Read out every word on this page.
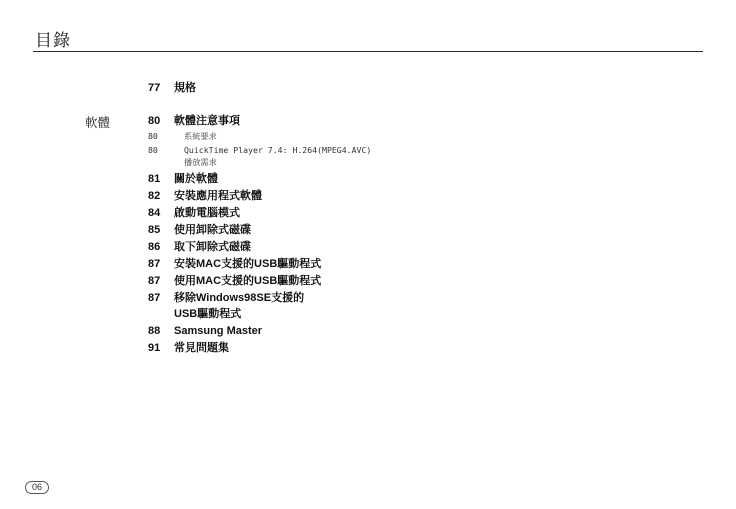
目錄
軟體
77 規格
80 軟體注意事項
80	系統要求
80	QuickTime Player 7.4: H.264(MPEG4.AVC)
播放需求
81 關於軟體
82 安裝應用程式軟體
84 啟動電腦模式
85 使用卸除式磁碟
86 取下卸除式磁碟
87 安裝MAC支援的USB驅動程式
87 使用MAC支援的USB驅動程式
87 移除Windows98SE支援的
USB驅動程式
88 Samsung Master
91 常見問題集
06
